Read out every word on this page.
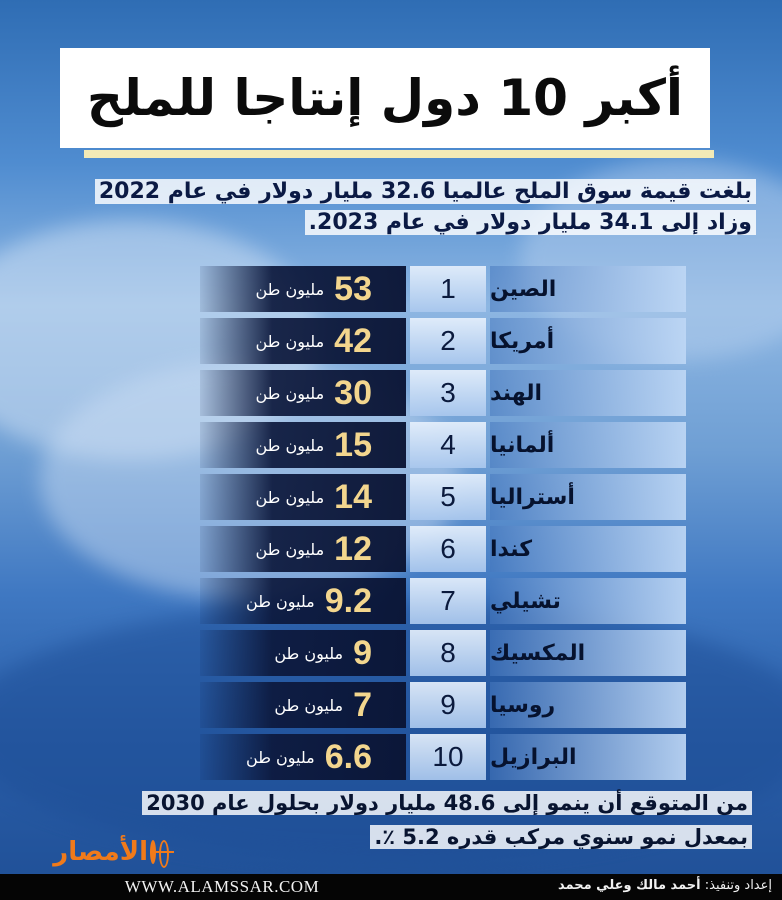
أكبر 10 دول إنتاجا للملح
بلغت قيمة سوق الملح عالميا 32.6 مليار دولار في عام 2022
وزاد إلى 34.1 مليار دولار في عام 2023.
مليون طن 53	1	الصين
مليون طن 42	2	أمريكا
مليون طن 30	3	الهند
مليون طن 15	4	ألمانيا
مليون طن 14	5	أستراليا
مليون طن 12	6	كندا
مليون طن 9.2	7	تشيلي
مليون طن 9	8	المكسيك
مليون طن 7	9	روسيا
مليون طن 6.6	10	البرازيل
من المتوقع أن ينمو إلى 48.6 مليار دولار بحلول عام 2030
بمعدل نمو سنوي مركب قدره 5.2 ٪.
الأمصار
WWW.ALAMSSAR.COM	إعداد وتنفيذ: أحمد مالك وعلي محمد
